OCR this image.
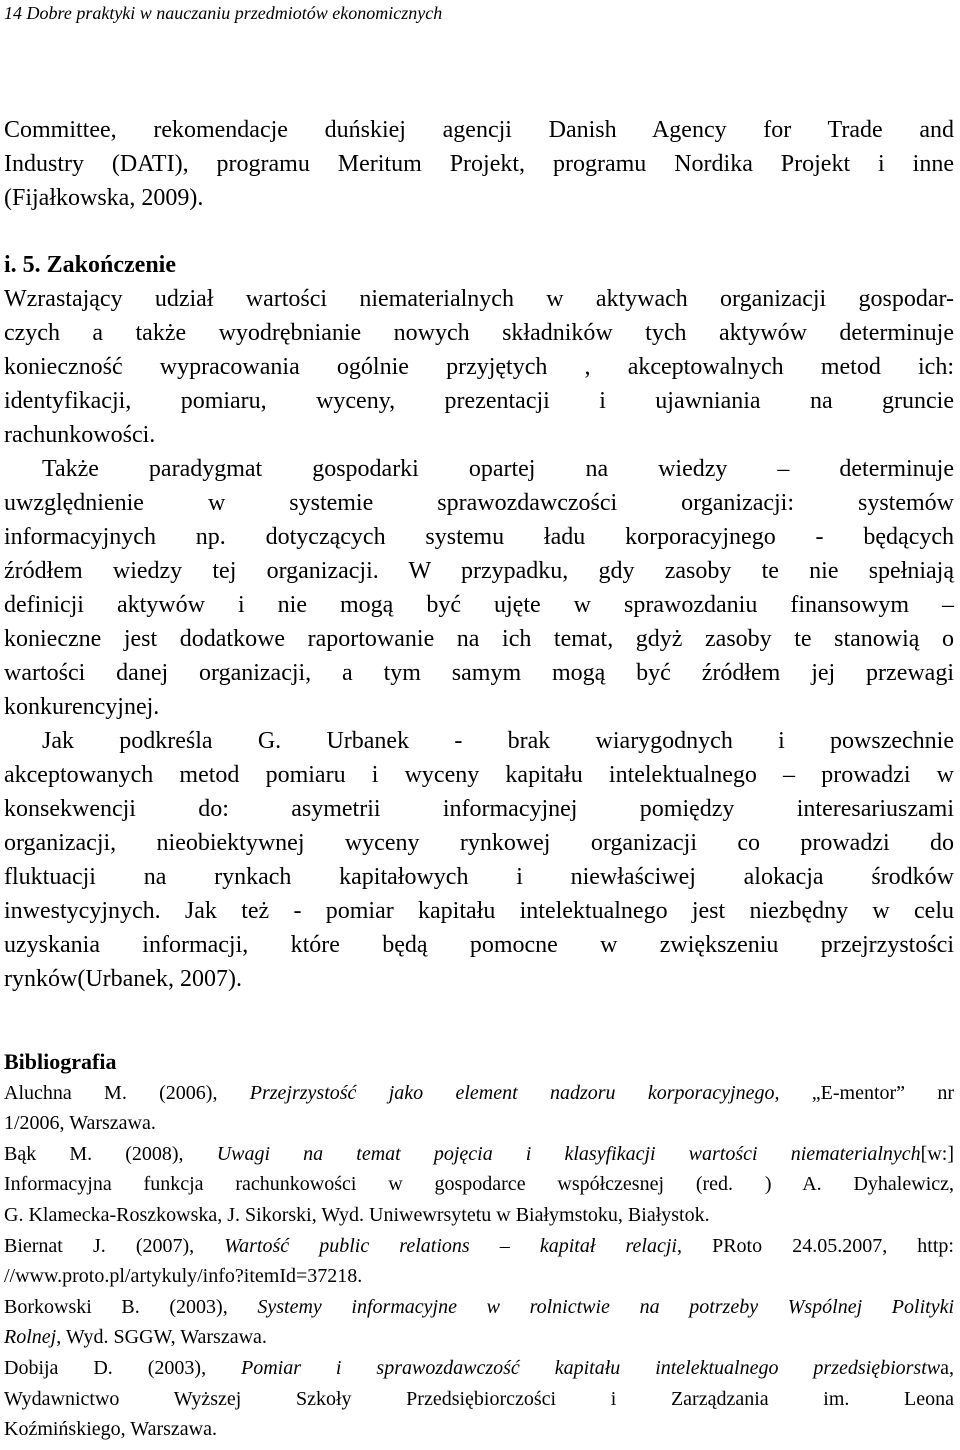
14 Dobre praktyki w nauczaniu przedmiotów ekonomicznych
Committee, rekomendacje duńskiej agencji Danish Agency for Trade and
Industry (DATI), programu Meritum Projekt, programu Nordika Projekt i inne
(Fijałkowska, 2009).
i. 5. Zakończenie
Wzrastający udział wartości niematerialnych w aktywach organizacji gospodar-
czych a także wyodrębnianie nowych składników tych aktywów determinuje
konieczność wypracowania ogólnie przyjętych , akceptowalnych metod ich:
identyfikacji, pomiaru, wyceny, prezentacji i ujawniania na gruncie
rachunkowości.
Także paradygmat gospodarki opartej na wiedzy – determinuje
uwzględnienie w systemie sprawozdawczości organizacji: systemów
informacyjnych np. dotyczących systemu ładu korporacyjnego - będących
źródłem wiedzy tej organizacji. W przypadku, gdy zasoby te nie spełniają
definicji aktywów i nie mogą być ujęte w sprawozdaniu finansowym –
konieczne jest dodatkowe raportowanie na ich temat, gdyż zasoby te stanowią o
wartości danej organizacji, a tym samym mogą być źródłem jej przewagi
konkurencyjnej.
Jak podkreśla G. Urbanek - brak wiarygodnych i powszechnie
akceptowanych metod pomiaru i wyceny kapitału intelektualnego – prowadzi w
konsekwencji do: asymetrii informacyjnej pomiędzy interesariuszami
organizacji, nieobiektywnej wyceny rynkowej organizacji co prowadzi do
fluktuacji na rynkach kapitałowych i niewłaściwej alokacja środków
inwestycyjnych. Jak też - pomiar kapitału intelektualnego jest niezbędny w celu
uzyskania informacji, które będą pomocne w zwiększeniu przejrzystości
rynków(Urbanek, 2007).
Bibliografia
Aluchna M. (2006), Przejrzystość jako element nadzoru korporacyjnego, „E-mentor” nr
1/2006, Warszawa.
Bąk M. (2008), Uwagi na temat pojęcia i klasyfikacji wartości niematerialnych[w:]
Informacyjna funkcja rachunkowości w gospodarce współczesnej (red. ) A. Dyhalewicz,
G. Klamecka-Roszkowska, J. Sikorski, Wyd. Uniwewrsytetu w Białymstoku, Białystok.
Biernat J. (2007), Wartość public relations – kapitał relacji, PRoto 24.05.2007, http:
//www.proto.pl/artykuly/info?itemId=37218.
Borkowski B. (2003), Systemy informacyjne w rolnictwie na potrzeby Wspólnej Polityki
Rolnej, Wyd. SGGW, Warszawa.
Dobija D. (2003), Pomiar i sprawozdawczość kapitału intelektualnego przedsiębiorstwa,
Wydawnictwo Wyższej Szkoły Przedsiębiorczości i Zarządzania im. Leona
Koźmińskiego, Warszawa.
